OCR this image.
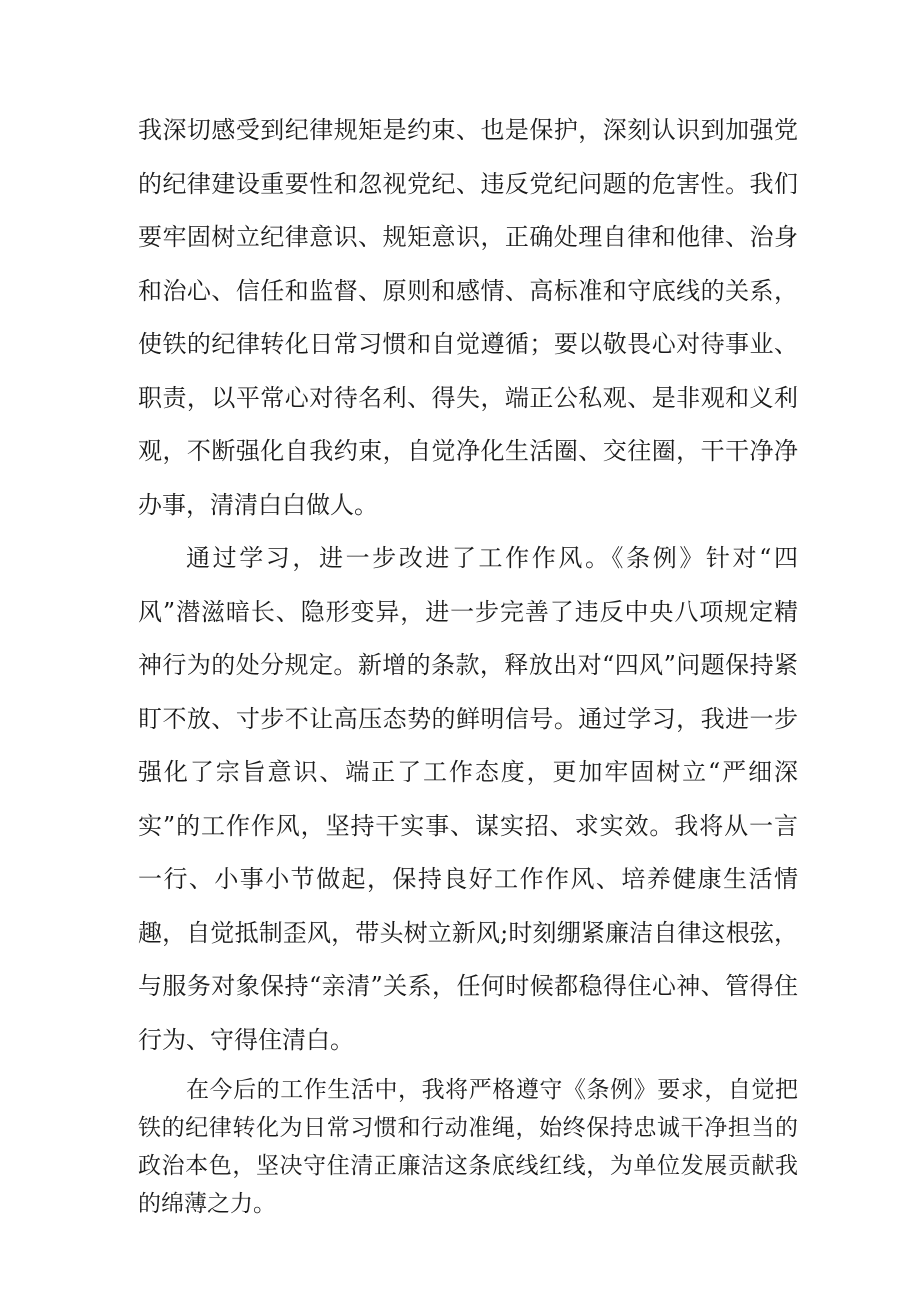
我深切感受到纪律规矩是约束、也是保护，深刻认识到加强党的纪律建设重要性和忽视党纪、违反党纪问题的危害性。我们要牢固树立纪律意识、规矩意识，正确处理自律和他律、治身和治心、信任和监督、原则和感情、高标准和守底线的关系，使铁的纪律转化日常习惯和自觉遵循；要以敬畏心对待事业、职责，以平常心对待名利、得失，端正公私观、是非观和义利观，不断强化自我约束，自觉净化生活圈、交往圈，干干净净办事，清清白白做人。

通过学习，进一步改进了工作作风。《条例》针对“四风”潜滋暗长、隐形变异，进一步完善了违反中央八项规定精神行为的处分规定。新增的条款，释放出对“四风”问题保持紧盯不放、寸步不让高压态势的鲜明信号。通过学习，我进一步强化了宗旨意识、端正了工作态度，更加牢固树立“严细深实”的工作作风，坚持干实事、谋实招、求实效。我将从一言一行、小事小节做起，保持良好工作作风、培养健康生活情趣，自觉抵制歪风，带头树立新风;时刻绷紧廉洁自律这根弦，与服务对象保持“亲清”关系，任何时候都稳得住心神、管得住行为、守得住清白。

在今后的工作生活中，我将严格遵守《条例》要求，自觉把铁的纪律转化为日常习惯和行动准绳，始终保持忠诚干净担当的政治本色，坚决守住清正廉洁这条底线红线，为单位发展贡献我的绵薄之力。
